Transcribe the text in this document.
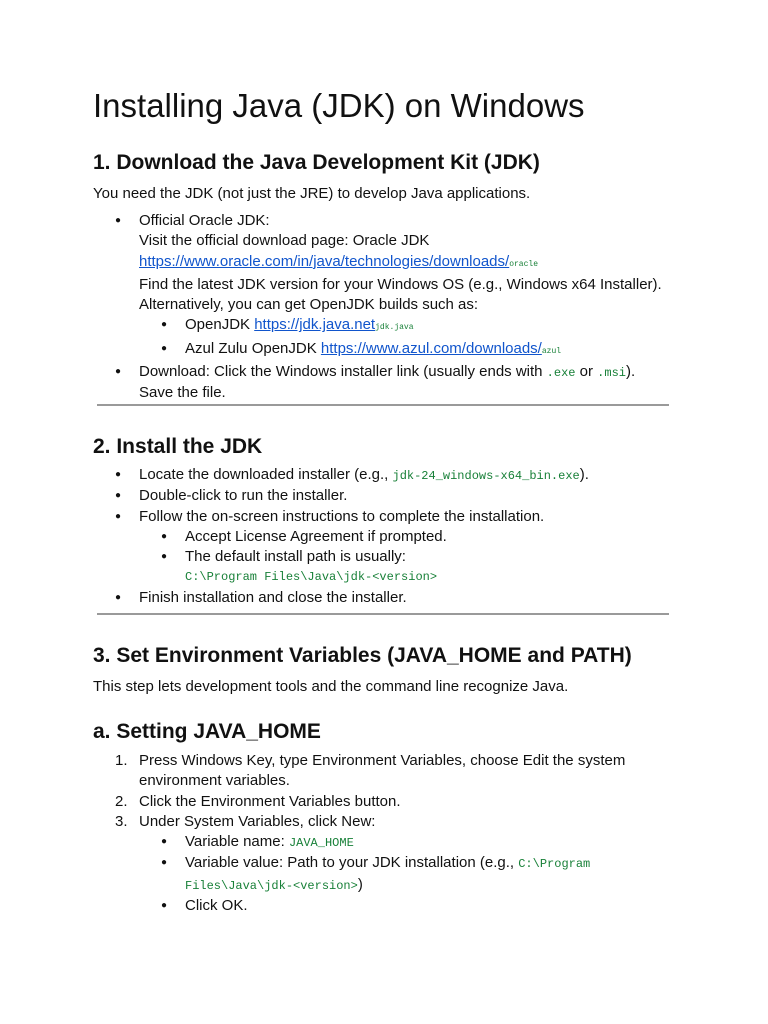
Installing Java (JDK) on Windows
1. Download the Java Development Kit (JDK)

You need the JDK (not just the JRE) to develop Java applications.

● Official Oracle JDK:
Visit the official download page: Oracle JDK
https://www.oracle.com/in/java/technologies/downloads/oracle
Find the latest JDK version for your Windows OS (e.g., Windows x64 Installer).
Alternatively, you can get OpenJDK builds such as:
● OpenJDK https://jdk.java.netjdk.java
● Azul Zulu OpenJDK https://www.azul.com/downloads/azul
● Download: Click the Windows installer link (usually ends with .exe or .msi).
Save the file.
2. Install the JDK
● Locate the downloaded installer (e.g., jdk-24_windows-x64_bin.exe).
● Double-click to run the installer.
● Follow the on-screen instructions to complete the installation.
● Accept License Agreement if prompted.
● The default install path is usually:
C:\Program Files\Java\jdk-<version>
● Finish installation and close the installer.
3. Set Environment Variables (JAVA_HOME and PATH)

This step lets development tools and the command line recognize Java.

a. Setting JAVA_HOME
1. Press Windows Key, type Environment Variables, choose Edit the system
environment variables.
2. Click the Environment Variables button.
3. Under System Variables, click New:
● Variable name: JAVA_HOME
● Variable value: Path to your JDK installation (e.g., C:\Program
Files\Java\jdk-<version>)
● Click OK.
